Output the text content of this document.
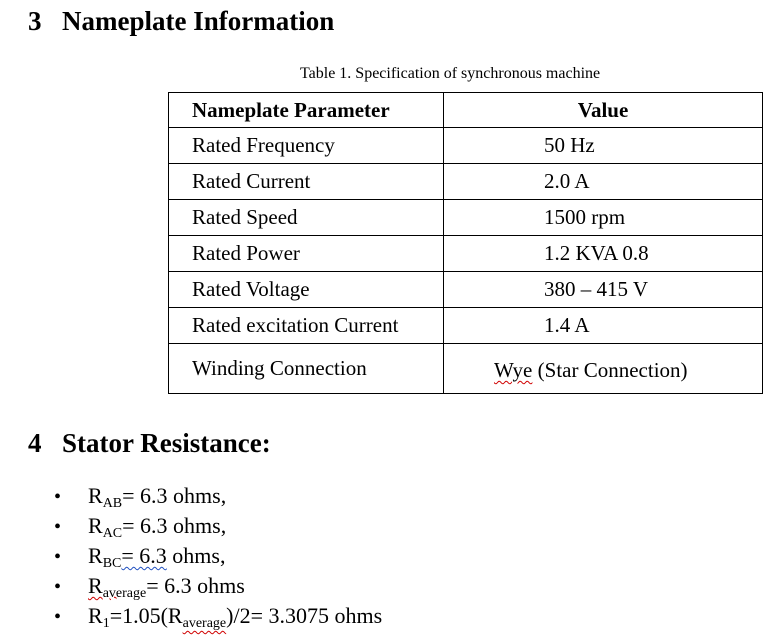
3 Nameplate Information

Table 1. Specification of synchronous machine

Nameplate Parameter	Value
Rated Frequency	50 Hz
Rated Current	2.0 A
Rated Speed	1500 rpm
Rated Power	1.2 KVA 0.8
Rated Voltage	380 – 415 V
Rated excitation Current	1.4 A
Winding Connection	Wye (Star Connection)
4 Stator Resistance:
• $R_{AB}= 6.3$ ohms,
• $R_{AC}= 6.3$ ohms,
• $R_{BC}= 6.3$ ohms,
• $R_{average}= 6.3$ ohms
• $R_1=1.05(R_{average})/2= 3.3075$ ohms
